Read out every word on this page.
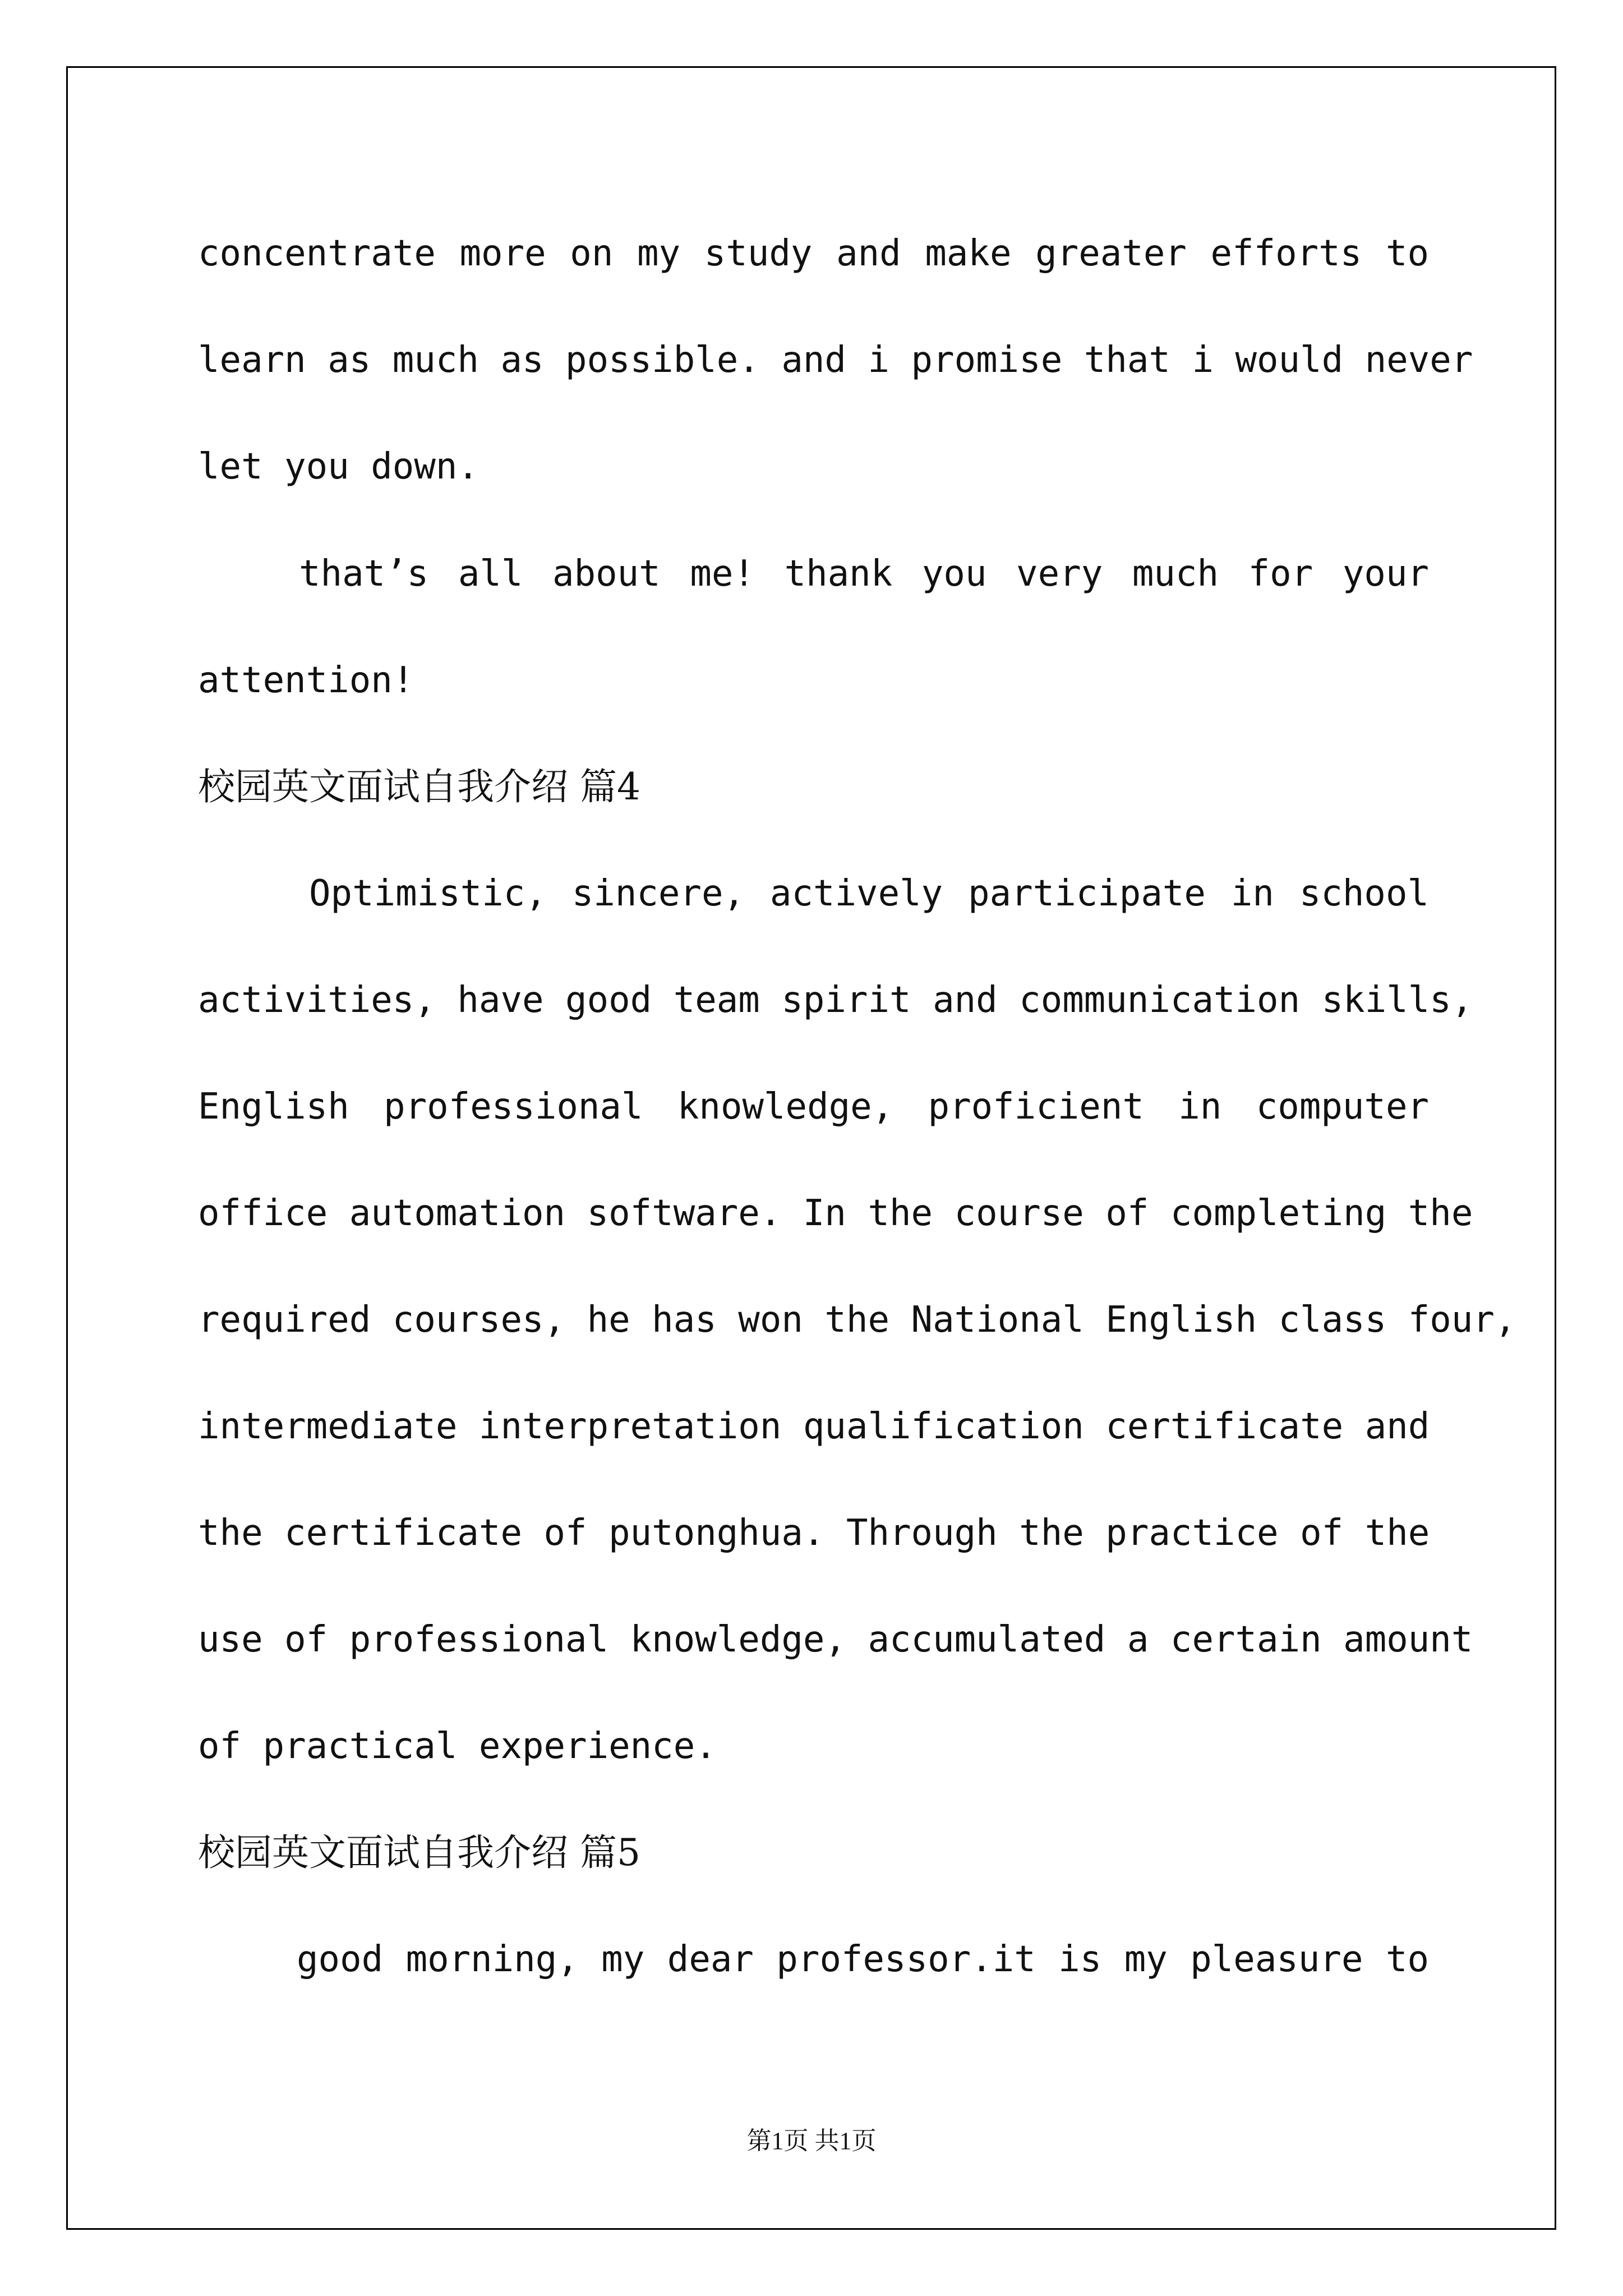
concentrate more on my study and make greater efforts to
learn as much as possible. and i promise that i would never
let you down.
that’s all about me! thank you very much for your
attention!
校园英文面试自我介绍 篇4
Optimistic, sincere, actively participate in school
activities, have good team spirit and communication skills,
English professional knowledge, proficient in computer
office automation software. In the course of completing the
required courses, he has won the National English class four,
intermediate interpretation qualification certificate and
the certificate of putonghua. Through the practice of the
use of professional knowledge, accumulated a certain amount
of practical experience.
校园英文面试自我介绍 篇5
good morning, my dear professor.it is my pleasure to
第1页 共1页
